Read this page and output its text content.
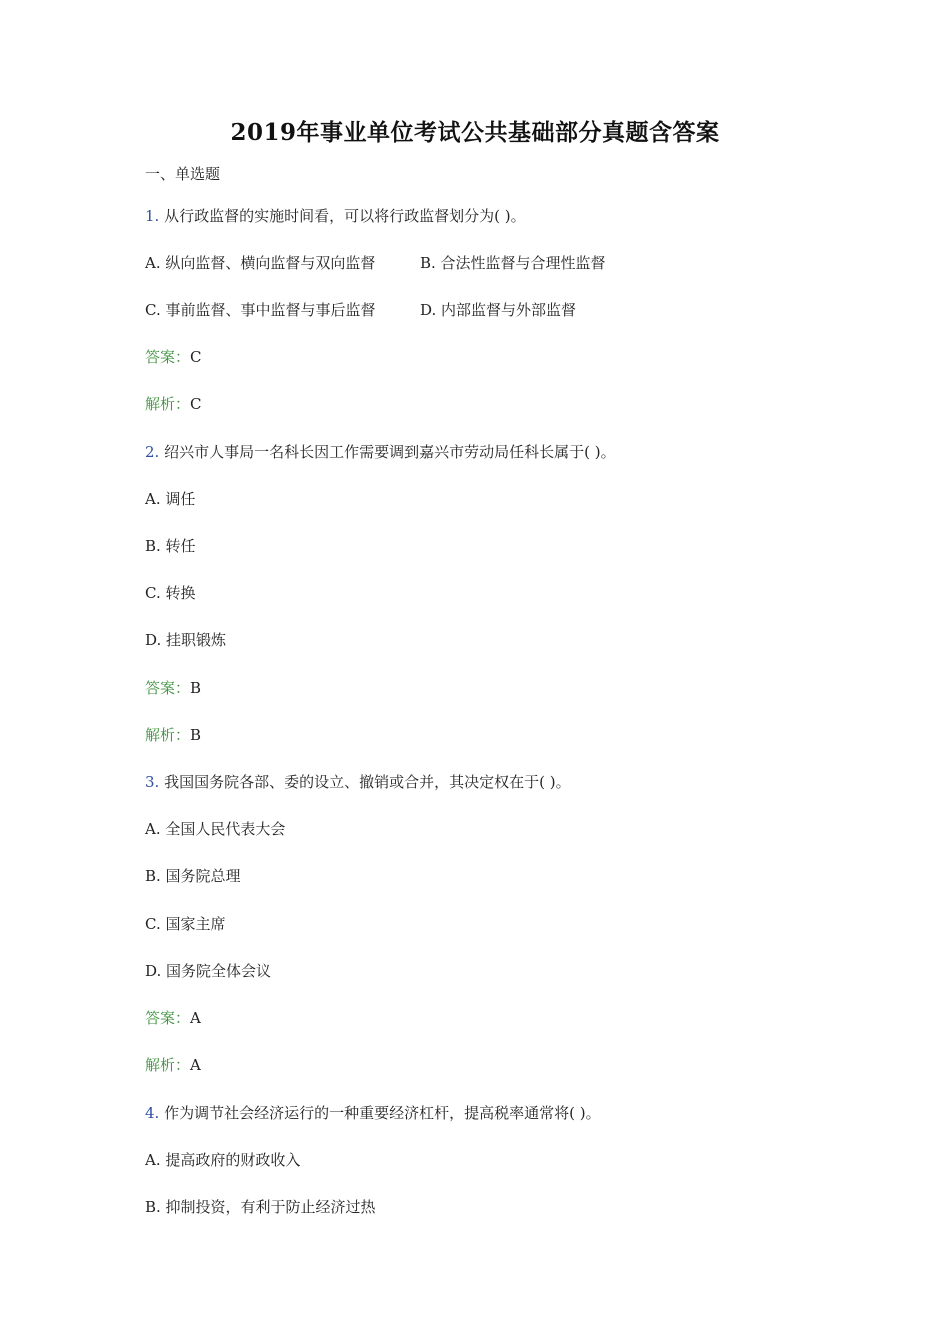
2019年事业单位考试公共基础部分真题含答案
一、单选题
1. 从行政监督的实施时间看，可以将行政监督划分为( )。
A. 纵向监督、横向监督与双向监督	B. 合法性监督与合理性监督
C. 事前监督、事中监督与事后监督	D. 内部监督与外部监督
答案：C
解析：C
2. 绍兴市人事局一名科长因工作需要调到嘉兴市劳动局任科长属于( )。
A. 调任
B. 转任
C. 转换
D. 挂职锻炼
答案：B
解析：B
3. 我国国务院各部、委的设立、撤销或合并，其决定权在于( )。
A. 全国人民代表大会
B. 国务院总理
C. 国家主席
D. 国务院全体会议
答案：A
解析：A
4. 作为调节社会经济运行的一种重要经济杠杆，提高税率通常将( )。
A. 提高政府的财政收入
B. 抑制投资，有利于防止经济过热
